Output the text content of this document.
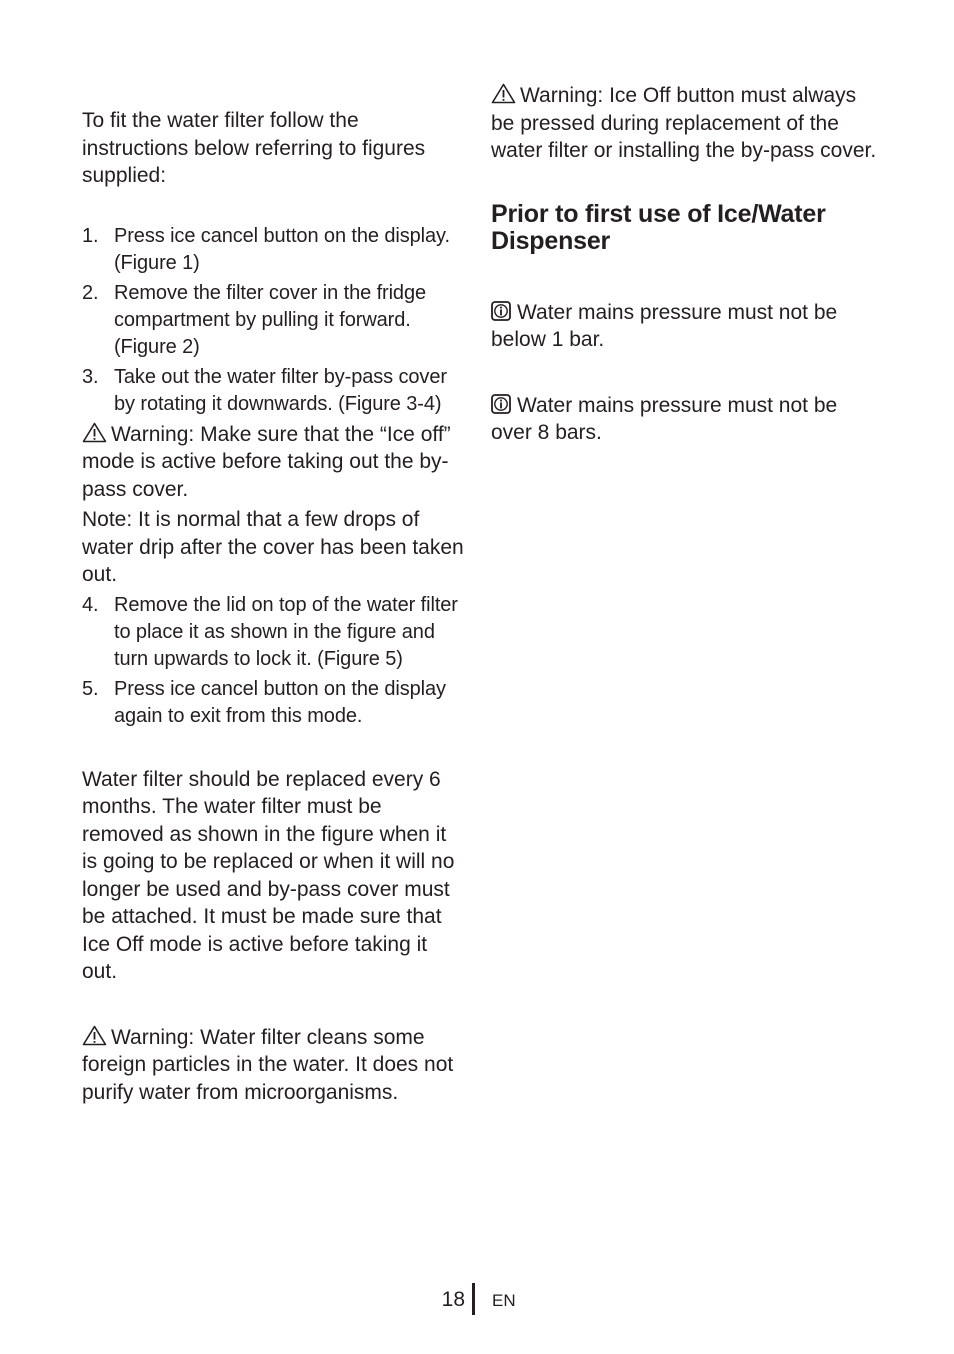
To fit the water filter follow the instructions below referring to figures supplied:

1. Press ice cancel button on the display. (Figure 1)
2. Remove the filter cover in the fridge compartment by pulling it forward. (Figure 2)
3. Take out the water filter by-pass cover by rotating it downwards. (Figure 3-4)

Warning: Make sure that the “Ice off” mode is active before taking out the by-pass cover.

Note: It is normal that a few drops of water drip after the cover has been taken out.

4. Remove the lid on top of the water filter to place it as shown in the figure and turn upwards to lock it. (Figure 5)
5. Press ice cancel button on the display again to exit from this mode.

Water filter should be replaced every 6 months. The water filter must be removed as shown in the figure when it is going to be replaced or when it will no longer be used and by-pass cover must be attached. It must be made sure that Ice Off mode is active before taking it out.

Warning: Water filter cleans some foreign particles in the water. It does not purify water from microorganisms.

Warning: Ice Off button must always be pressed during replacement of the water filter or installing the by-pass cover.

Prior to first use of Ice/Water Dispenser

Water mains pressure must not be below 1 bar.

Water mains pressure must not be over 8 bars.

18 EN
